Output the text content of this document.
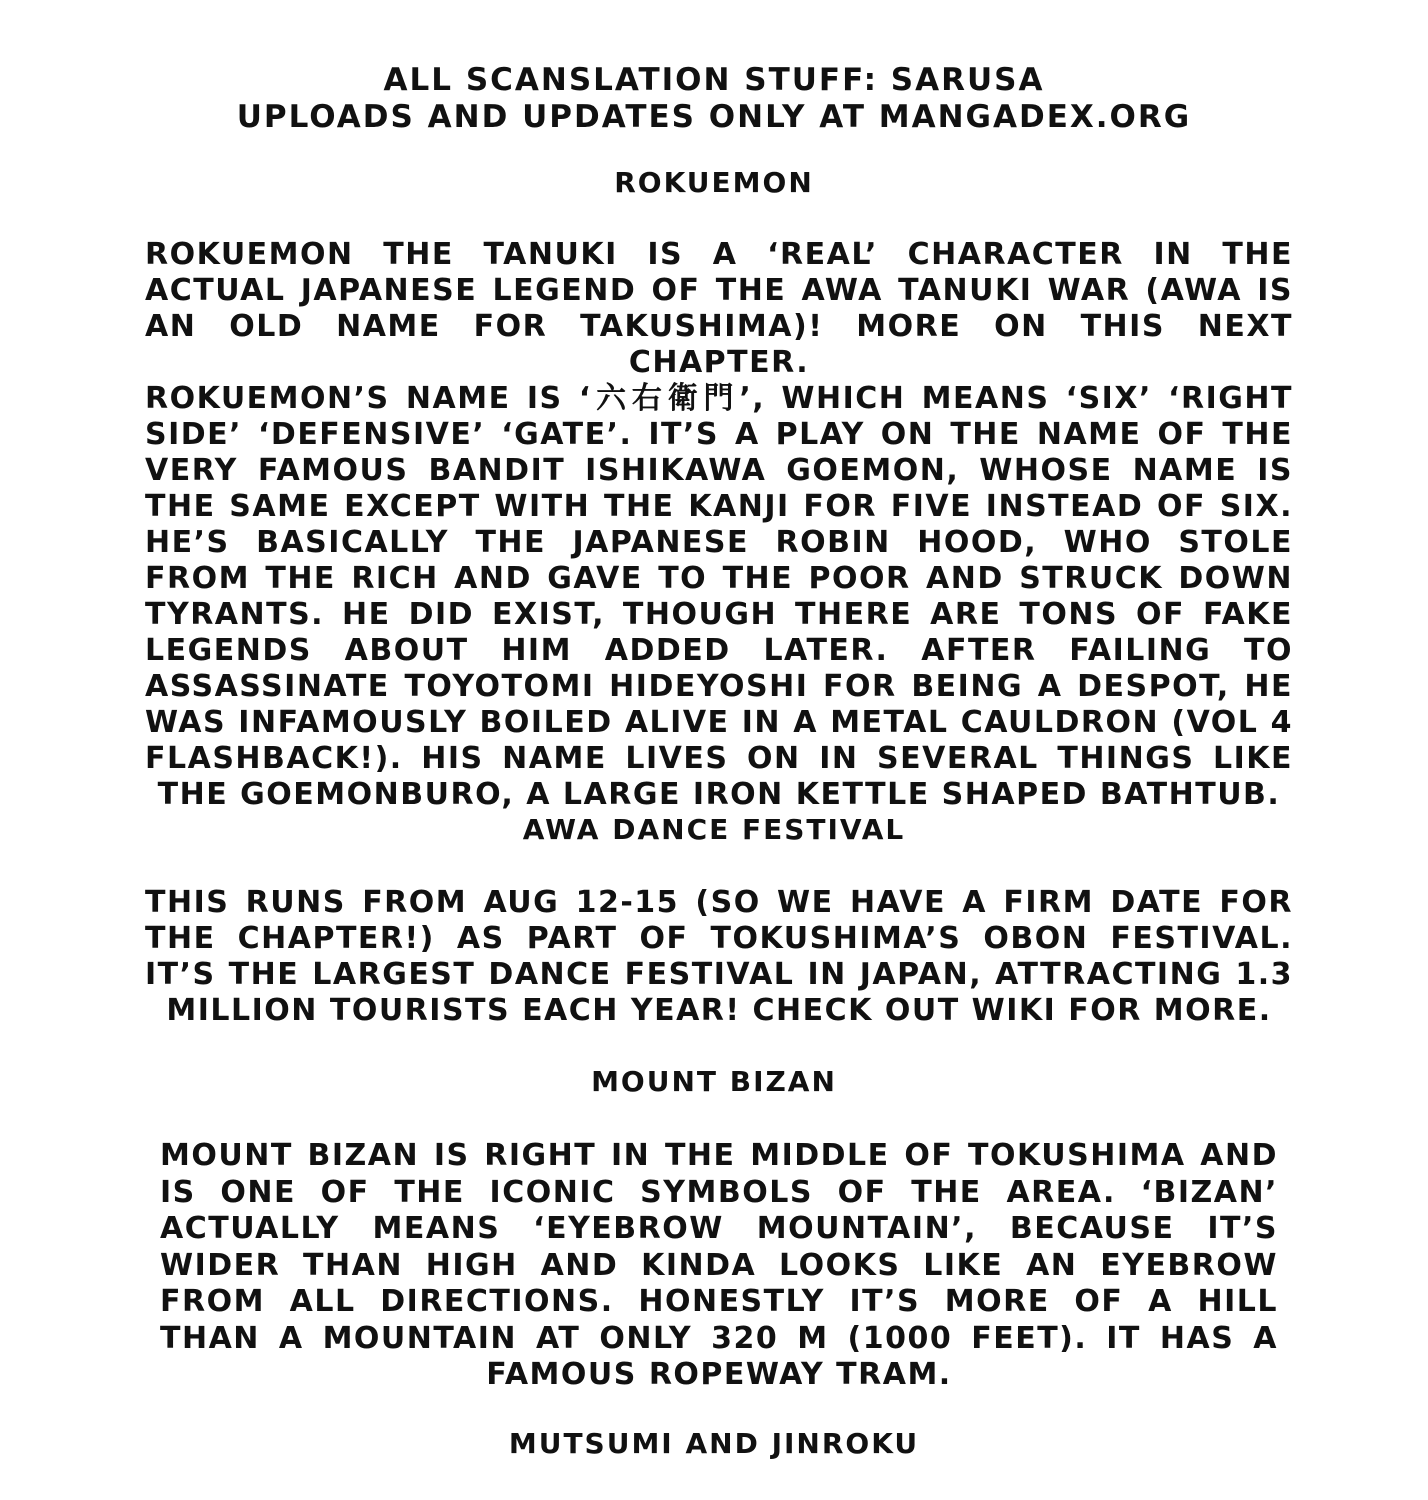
ALL SCANSLATION STUFF: SARUSA
UPLOADS AND UPDATES ONLY AT MANGADEX.ORG
ROKUEMON

ROKUEMON THE TANUKI IS A ‘REAL’ CHARACTER IN THE ACTUAL JAPANESE LEGEND OF THE AWA TANUKI WAR (AWA IS AN OLD NAME FOR TAKUSHIMA)! MORE ON THIS NEXT CHAPTER.

ROKUEMON’S NAME IS ‘六右衛門’, WHICH MEANS ‘SIX’ ‘RIGHT SIDE’ ‘DEFENSIVE’ ‘GATE’. IT’S A PLAY ON THE NAME OF THE VERY FAMOUS BANDIT ISHIKAWA GOEMON, WHOSE NAME IS THE SAME EXCEPT WITH THE KANJI FOR FIVE INSTEAD OF SIX. HE’S BASICALLY THE JAPANESE ROBIN HOOD, WHO STOLE FROM THE RICH AND GAVE TO THE POOR AND STRUCK DOWN TYRANTS. HE DID EXIST, THOUGH THERE ARE TONS OF FAKE LEGENDS ABOUT HIM ADDED LATER. AFTER FAILING TO ASSASSINATE TOYOTOMI HIDEYOSHI FOR BEING A DESPOT, HE WAS INFAMOUSLY BOILED ALIVE IN A METAL CAULDRON (VOL 4 FLASHBACK!). HIS NAME LIVES ON IN SEVERAL THINGS LIKE THE GOEMONBURO, A LARGE IRON KETTLE SHAPED BATHTUB.

AWA DANCE FESTIVAL

THIS RUNS FROM AUG 12-15 (SO WE HAVE A FIRM DATE FOR THE CHAPTER!) AS PART OF TOKUSHIMA’S OBON FESTIVAL. IT’S THE LARGEST DANCE FESTIVAL IN JAPAN, ATTRACTING 1.3 MILLION TOURISTS EACH YEAR! CHECK OUT WIKI FOR MORE.

MOUNT BIZAN

MOUNT BIZAN IS RIGHT IN THE MIDDLE OF TOKUSHIMA AND IS ONE OF THE ICONIC SYMBOLS OF THE AREA. ‘BIZAN’ ACTUALLY MEANS ‘EYEBROW MOUNTAIN’, BECAUSE IT’S WIDER THAN HIGH AND KINDA LOOKS LIKE AN EYEBROW FROM ALL DIRECTIONS. HONESTLY IT’S MORE OF A HILL THAN A MOUNTAIN AT ONLY 320 M (1000 FEET). IT HAS A FAMOUS ROPEWAY TRAM.

MUTSUMI AND JINROKU
